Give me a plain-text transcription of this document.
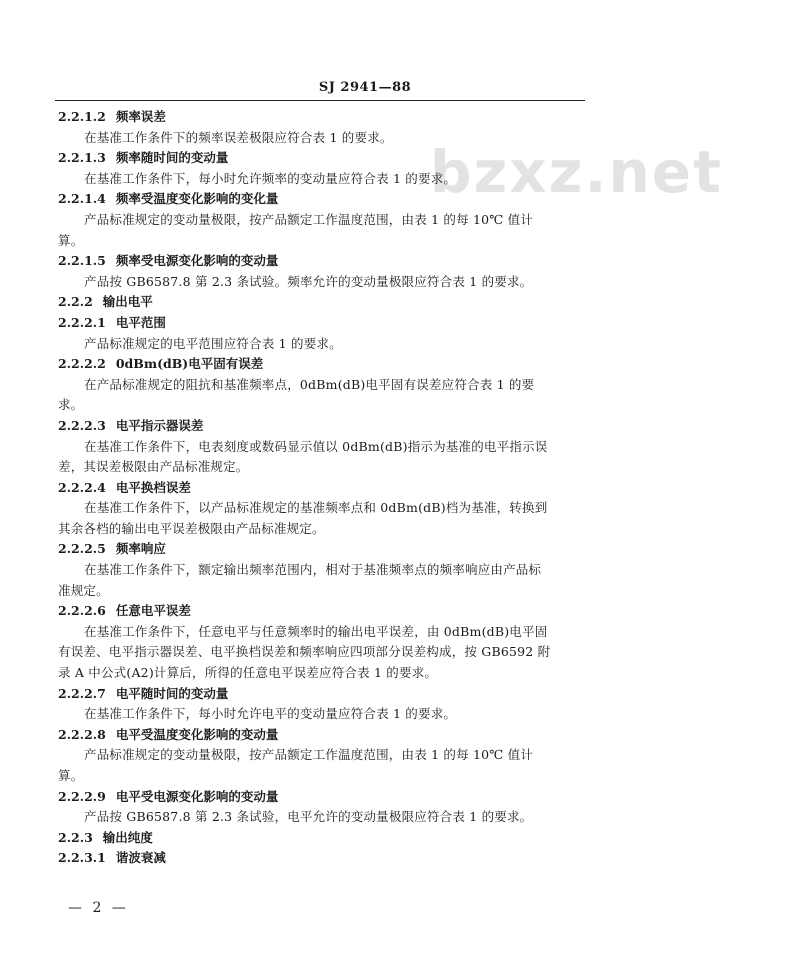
SJ 2941—88
bzxz.net
2.2.1.2 频率误差
在基准工作条件下的频率误差极限应符合表 1 的要求。
2.2.1.3 频率随时间的变动量
在基准工作条件下，每小时允许频率的变动量应符合表 1 的要求。
2.2.1.4 频率受温度变化影响的变化量
产品标准规定的变动量极限，按产品额定工作温度范围，由表 1 的每 10℃ 值计
算。
2.2.1.5 频率受电源变化影响的变动量
产品按 GB6587.8 第 2.3 条试验。频率允许的变动量极限应符合表 1 的要求。
2.2.2 输出电平
2.2.2.1 电平范围
产品标准规定的电平范围应符合表 1 的要求。
2.2.2.2 0dBm(dB)电平固有误差
在产品标准规定的阻抗和基准频率点，0dBm(dB)电平固有误差应符合表 1 的要
求。
2.2.2.3 电平指示器误差
在基准工作条件下，电表刻度或数码显示值以 0dBm(dB)指示为基准的电平指示误
差，其误差极限由产品标准规定。
2.2.2.4 电平换档误差
在基准工作条件下，以产品标准规定的基准频率点和 0dBm(dB)档为基准，转换到
其余各档的输出电平误差极限由产品标准规定。
2.2.2.5 频率响应
在基准工作条件下，额定输出频率范围内，相对于基准频率点的频率响应由产品标
准规定。
2.2.2.6 任意电平误差
在基准工作条件下，任意电平与任意频率时的输出电平误差，由 0dBm(dB)电平固
有误差、电平指示器误差、电平换档误差和频率响应四项部分误差构成，按 GB6592 附
录 A 中公式(A2)计算后，所得的任意电平误差应符合表 1 的要求。
2.2.2.7 电平随时间的变动量
在基准工作条件下，每小时允许电平的变动量应符合表 1 的要求。
2.2.2.8 电平受温度变化影响的变动量
产品标准规定的变动量极限，按产品额定工作温度范围，由表 1 的每 10℃ 值计
算。
2.2.2.9 电平受电源变化影响的变动量
产品按 GB6587.8 第 2.3 条试验，电平允许的变动量极限应符合表 1 的要求。
2.2.3 输出纯度
2.2.3.1 谐波衰减
— 2 —
